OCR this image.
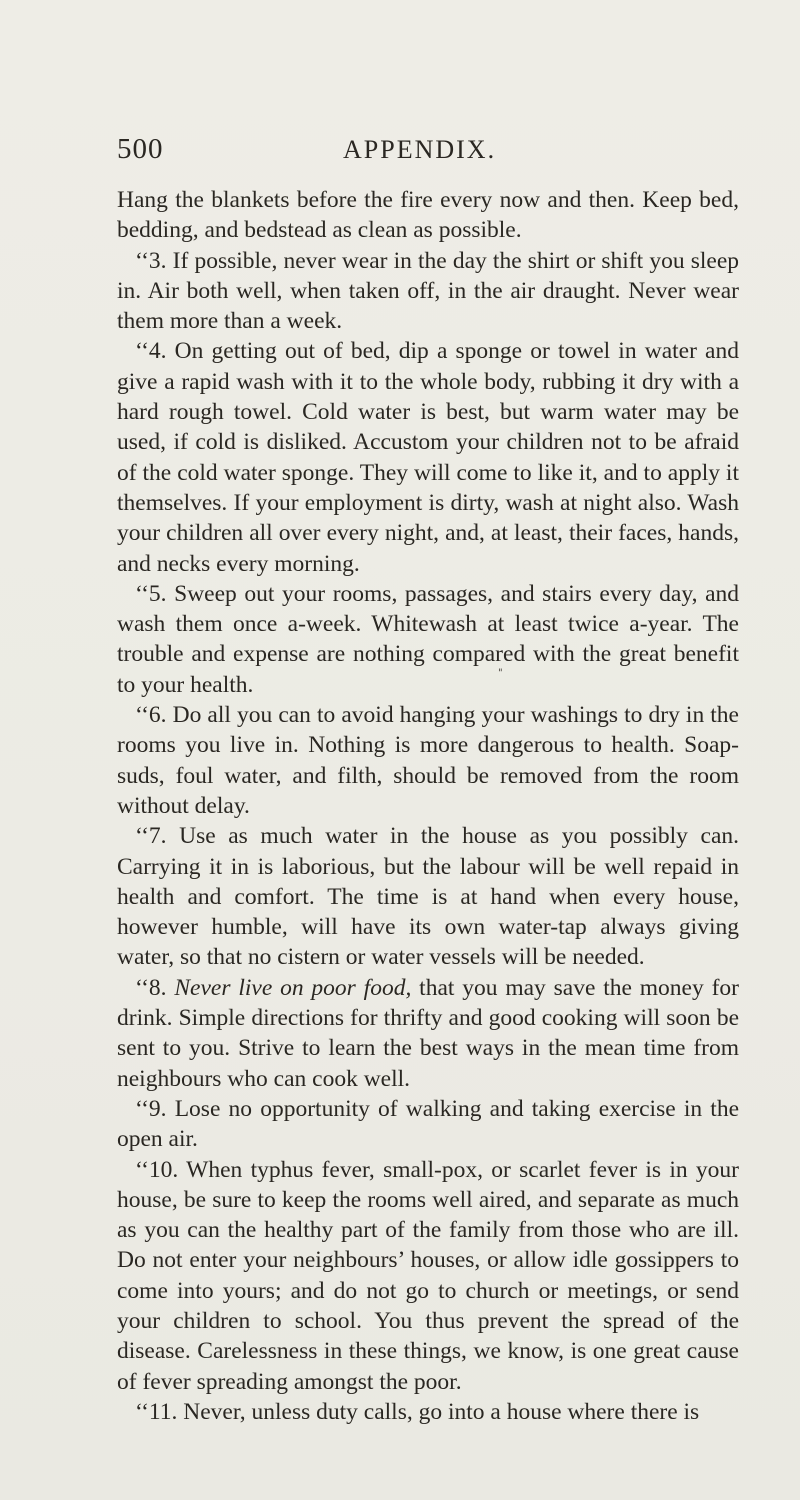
500	APPENDIX.

Hang the blankets before the fire every now and then. Keep bed, bedding, and bedstead as clean as possible.

‘‘3. If possible, never wear in the day the shirt or shift you sleep in. Air both well, when taken off, in the air draught. Never wear them more than a week.

‘‘4. On getting out of bed, dip a sponge or towel in water and give a rapid wash with it to the whole body, rubbing it dry with a hard rough towel. Cold water is best, but warm water may be used, if cold is disliked. Accustom your children not to be afraid of the cold water sponge. They will come to like it, and to apply it themselves. If your employment is dirty, wash at night also. Wash your children all over every night, and, at least, their faces, hands, and necks every morning.

‘‘5. Sweep out your rooms, passages, and stairs every day, and wash them once a-week. Whitewash at least twice a-year. The trouble and expense are nothing compared with the great benefit to your health.

‘‘6. Do all you can to avoid hanging your washings to dry in the rooms you live in. Nothing is more dangerous to health. Soap-suds, foul water, and filth, should be removed from the room without delay.

‘‘7. Use as much water in the house as you possibly can. Carrying it in is laborious, but the labour will be well repaid in health and comfort. The time is at hand when every house, however humble, will have its own water-tap always giving water, so that no cistern or water vessels will be needed.

‘‘8. Never live on poor food, that you may save the money for drink. Simple directions for thrifty and good cooking will soon be sent to you. Strive to learn the best ways in the mean time from neighbours who can cook well.

‘‘9. Lose no opportunity of walking and taking exercise in the open air.

‘‘10. When typhus fever, small-pox, or scarlet fever is in your house, be sure to keep the rooms well aired, and separate as much as you can the healthy part of the family from those who are ill. Do not enter your neighbours’ houses, or allow idle gossippers to come into yours; and do not go to church or meetings, or send your children to school. You thus prevent the spread of the disease. Carelessness in these things, we know, is one great cause of fever spreading amongst the poor.

‘‘11. Never, unless duty calls, go into a house where there is

"
